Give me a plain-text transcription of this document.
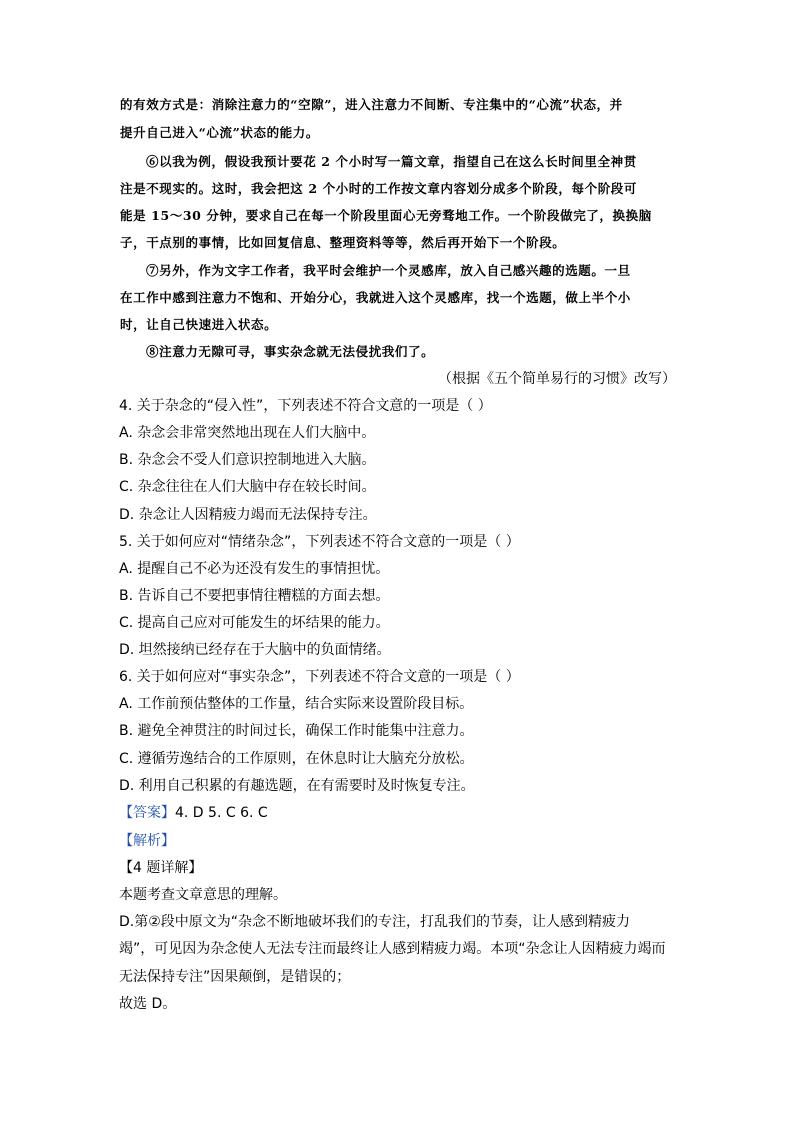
的有效方式是：消除注意力的“空隙”，进入注意力不间断、专注集中的“心流”状态，并
提升自己进入“心流”状态的能力。
⑥以我为例，假设我预计要花 2 个小时写一篇文章，指望自己在这么长时间里全神贯
注是不现实的。这时，我会把这 2 个小时的工作按文章内容划分成多个阶段，每个阶段可
能是 15～30 分钟，要求自己在每一个阶段里面心无旁骛地工作。一个阶段做完了，换换脑
子，干点别的事情，比如回复信息、整理资料等等，然后再开始下一个阶段。
⑦另外，作为文字工作者，我平时会维护一个灵感库，放入自己感兴趣的选题。一旦
在工作中感到注意力不饱和、开始分心，我就进入这个灵感库，找一个选题，做上半个小
时，让自己快速进入状态。
⑧注意力无隙可寻，事实杂念就无法侵扰我们了。
（根据《五个简单易行的习惯》改写）
4. 关于杂念的“侵入性”，下列表述不符合文意的一项是（ ）
A. 杂念会非常突然地出现在人们大脑中。
B. 杂念会不受人们意识控制地进入大脑。
C. 杂念往往在人们大脑中存在较长时间。
D. 杂念让人因精疲力竭而无法保持专注。
5. 关于如何应对“情绪杂念”，下列表述不符合文意的一项是（ ）
A. 提醒自己不必为还没有发生的事情担忧。
B. 告诉自己不要把事情往糟糕的方面去想。
C. 提高自己应对可能发生的坏结果的能力。
D. 坦然接纳已经存在于大脑中的负面情绪。
6. 关于如何应对“事实杂念”，下列表述不符合文意的一项是（ ）
A. 工作前预估整体的工作量，结合实际来设置阶段目标。
B. 避免全神贯注的时间过长，确保工作时能集中注意力。
C. 遵循劳逸结合的工作原则，在休息时让大脑充分放松。
D. 利用自己积累的有趣选题，在有需要时及时恢复专注。
【答案】4. D 5. C 6. C
【解析】
【4 题详解】
本题考查文章意思的理解。
D.第②段中原文为“杂念不断地破坏我们的专注，打乱我们的节奏，让人感到精疲力
竭”，可见因为杂念使人无法专注而最终让人感到精疲力竭。本项“杂念让人因精疲力竭而
无法保持专注”因果颠倒，是错误的；
故选 D。
